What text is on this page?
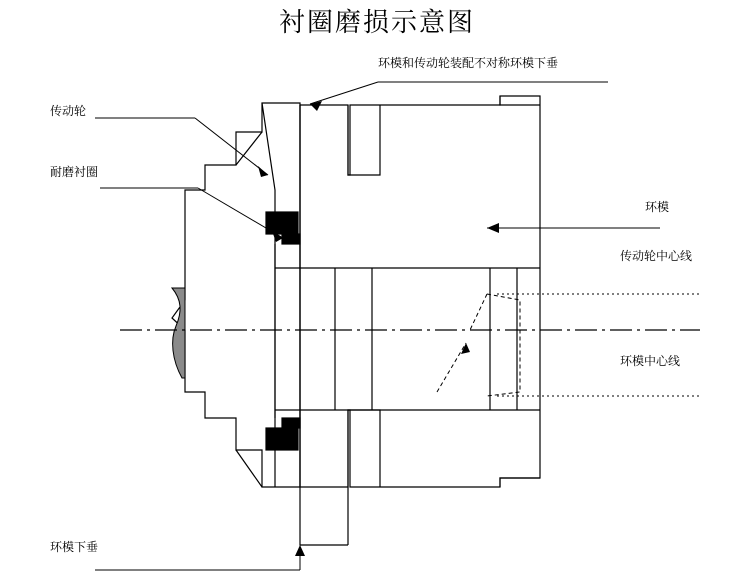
衬圈磨损示意图
传动轮
耐磨衬圈
环模和传动轮装配不对称环模下垂
环模
传动轮中心线
环模中心线
环模下垂
